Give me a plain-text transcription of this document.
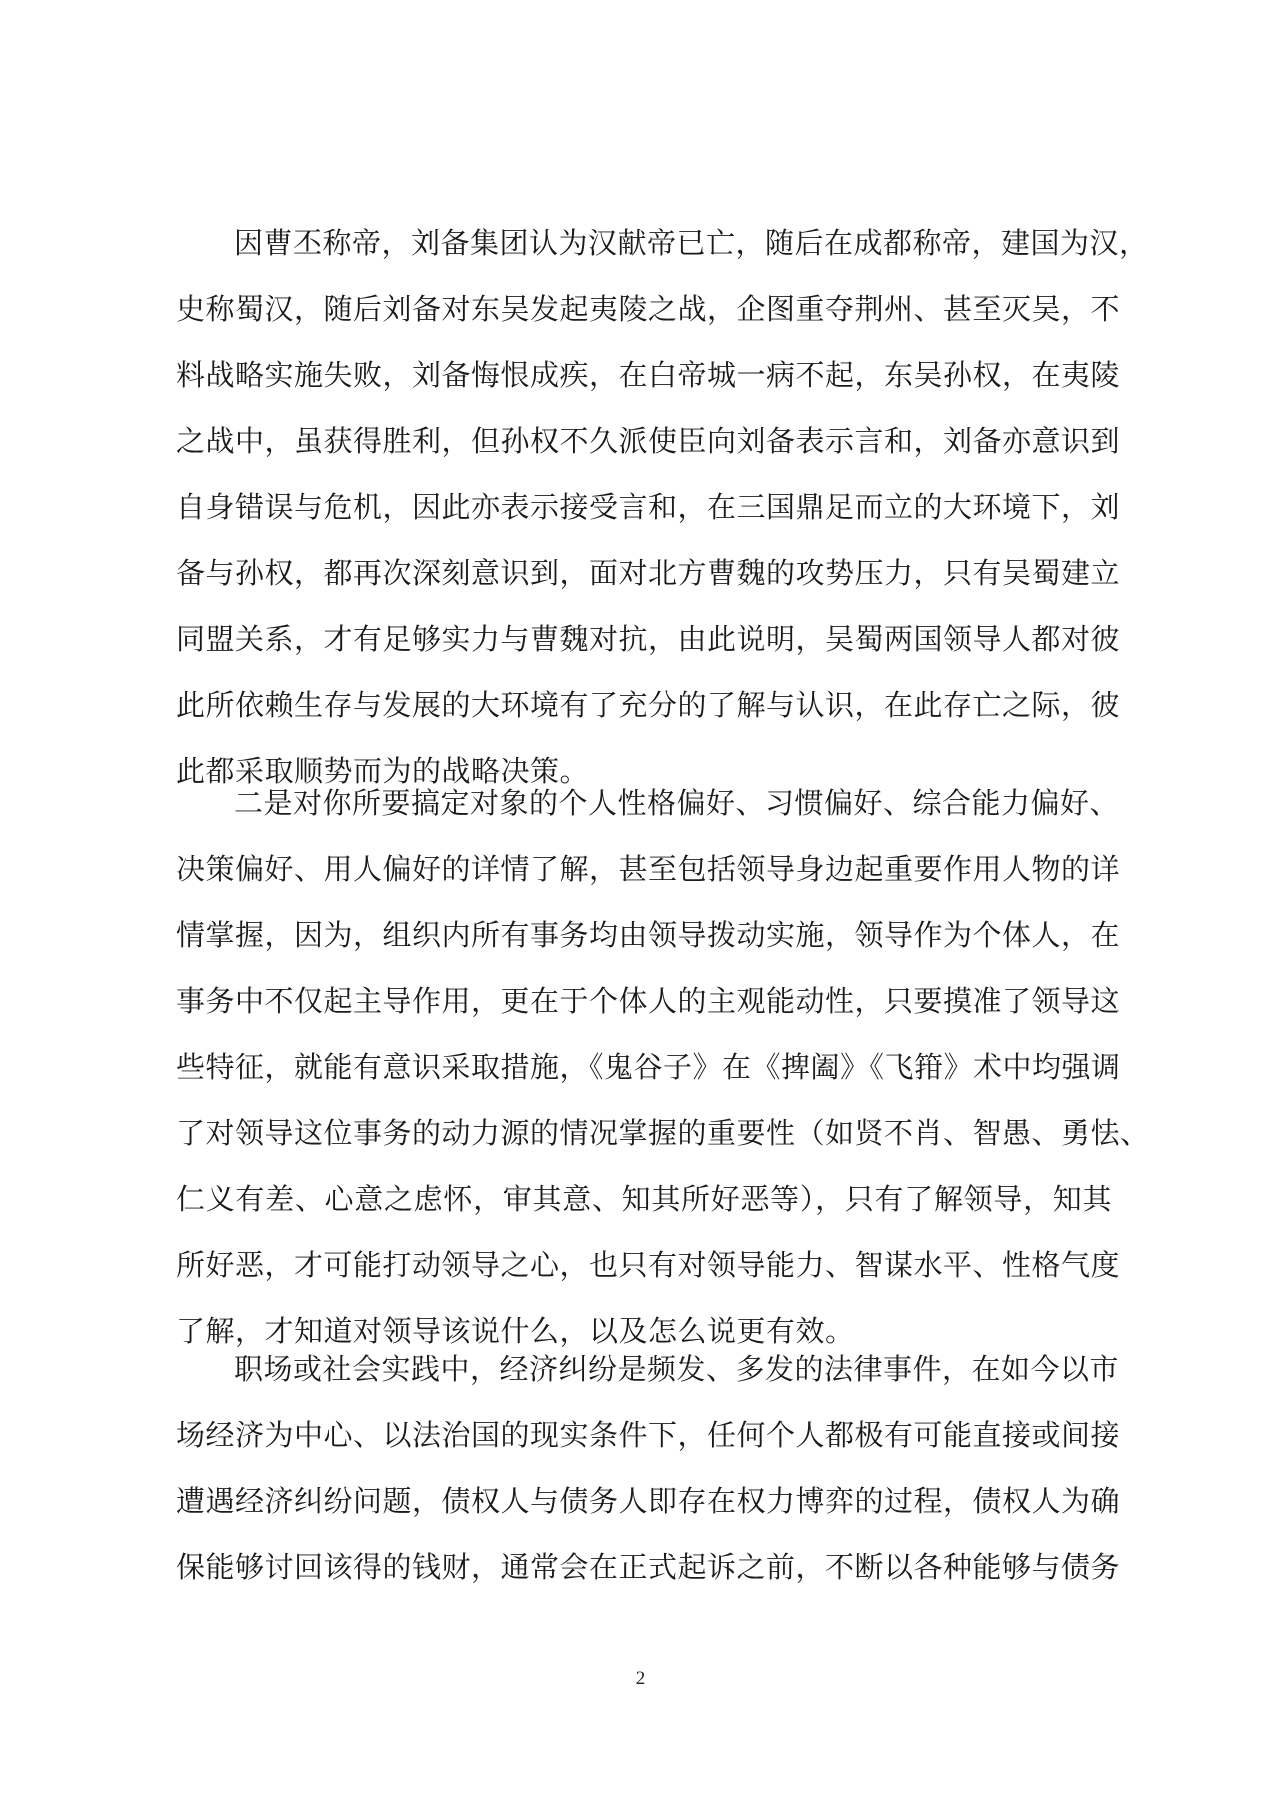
因曹丕称帝，刘备集团认为汉献帝已亡，随后在成都称帝，建国为汉，
史称蜀汉，随后刘备对东吴发起夷陵之战，企图重夺荆州、甚至灭吴，不
料战略实施失败，刘备悔恨成疾，在白帝城一病不起，东吴孙权，在夷陵
之战中，虽获得胜利，但孙权不久派使臣向刘备表示言和，刘备亦意识到
自身错误与危机，因此亦表示接受言和，在三国鼎足而立的大环境下，刘
备与孙权，都再次深刻意识到，面对北方曹魏的攻势压力，只有吴蜀建立
同盟关系，才有足够实力与曹魏对抗，由此说明，吴蜀两国领导人都对彼
此所依赖生存与发展的大环境有了充分的了解与认识，在此存亡之际，彼
此都采取顺势而为的战略决策。
二是对你所要搞定对象的个人性格偏好、习惯偏好、综合能力偏好、
决策偏好、用人偏好的详情了解，甚至包括领导身边起重要作用人物的详
情掌握，因为，组织内所有事务均由领导拨动实施，领导作为个体人，在
事务中不仅起主导作用，更在于个体人的主观能动性，只要摸准了领导这
些特征，就能有意识采取措施，《鬼谷子》在《捭阖》《飞箝》术中均强调
了对领导这位事务的动力源的情况掌握的重要性（如贤不肖、智愚、勇怯、
仁义有差、心意之虑怀，审其意、知其所好恶等），只有了解领导，知其
所好恶，才可能打动领导之心，也只有对领导能力、智谋水平、性格气度
了解，才知道对领导该说什么，以及怎么说更有效。
职场或社会实践中，经济纠纷是频发、多发的法律事件，在如今以市
场经济为中心、以法治国的现实条件下，任何个人都极有可能直接或间接
遭遇经济纠纷问题，债权人与债务人即存在权力博弈的过程，债权人为确
保能够讨回该得的钱财，通常会在正式起诉之前，不断以各种能够与债务
2
